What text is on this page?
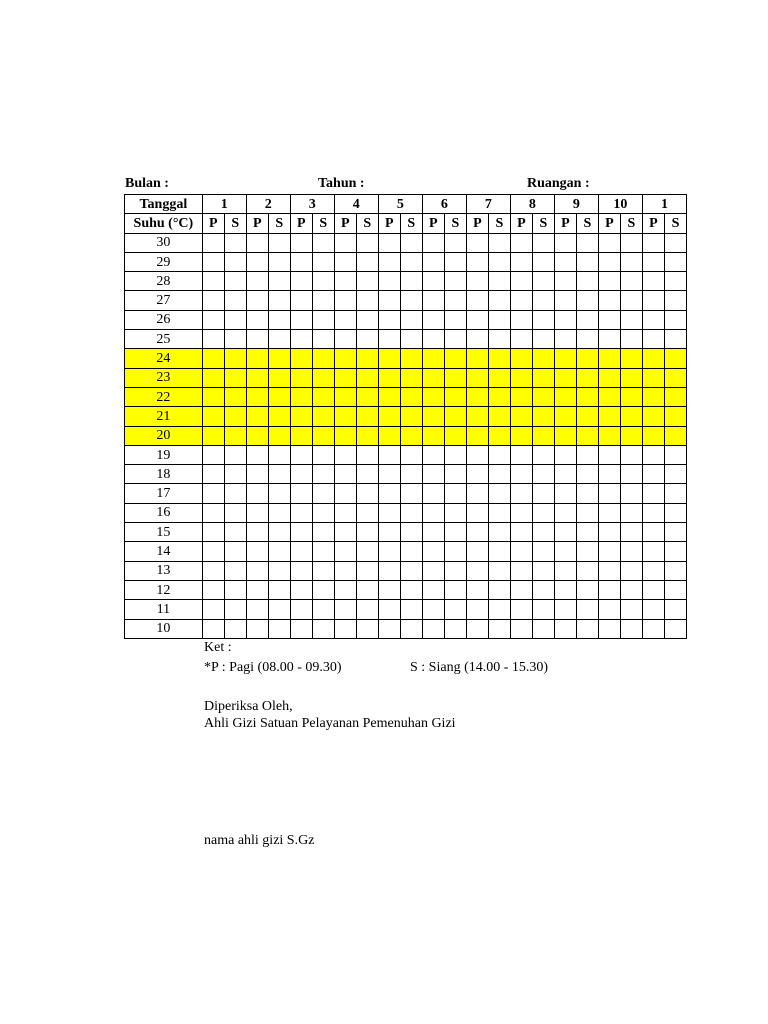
Bulan :	Tahun :	Ruangan :
Tanggal	1		2		3		4		5		6		7		8		9		10		1	
Suhu (°C)	P	S	P	S	P	S	P	S	P	S	P	S	P	S	P	S	P	S	P	S	P	S
30																						
29																						
28																						
27																						
26																						
25																						
24																						
23																						
22																						
21																						
20																						
19																						
18																						
17																						
16																						
15																						
14																						
13																						
12																						
11																						
10																						
Ket :
*P : Pagi (08.00 - 09.30)	S : Siang (14.00 - 15.30)
Diperiksa Oleh,
Ahli Gizi Satuan Pelayanan Pemenuhan Gizi
nama ahli gizi S.Gz
